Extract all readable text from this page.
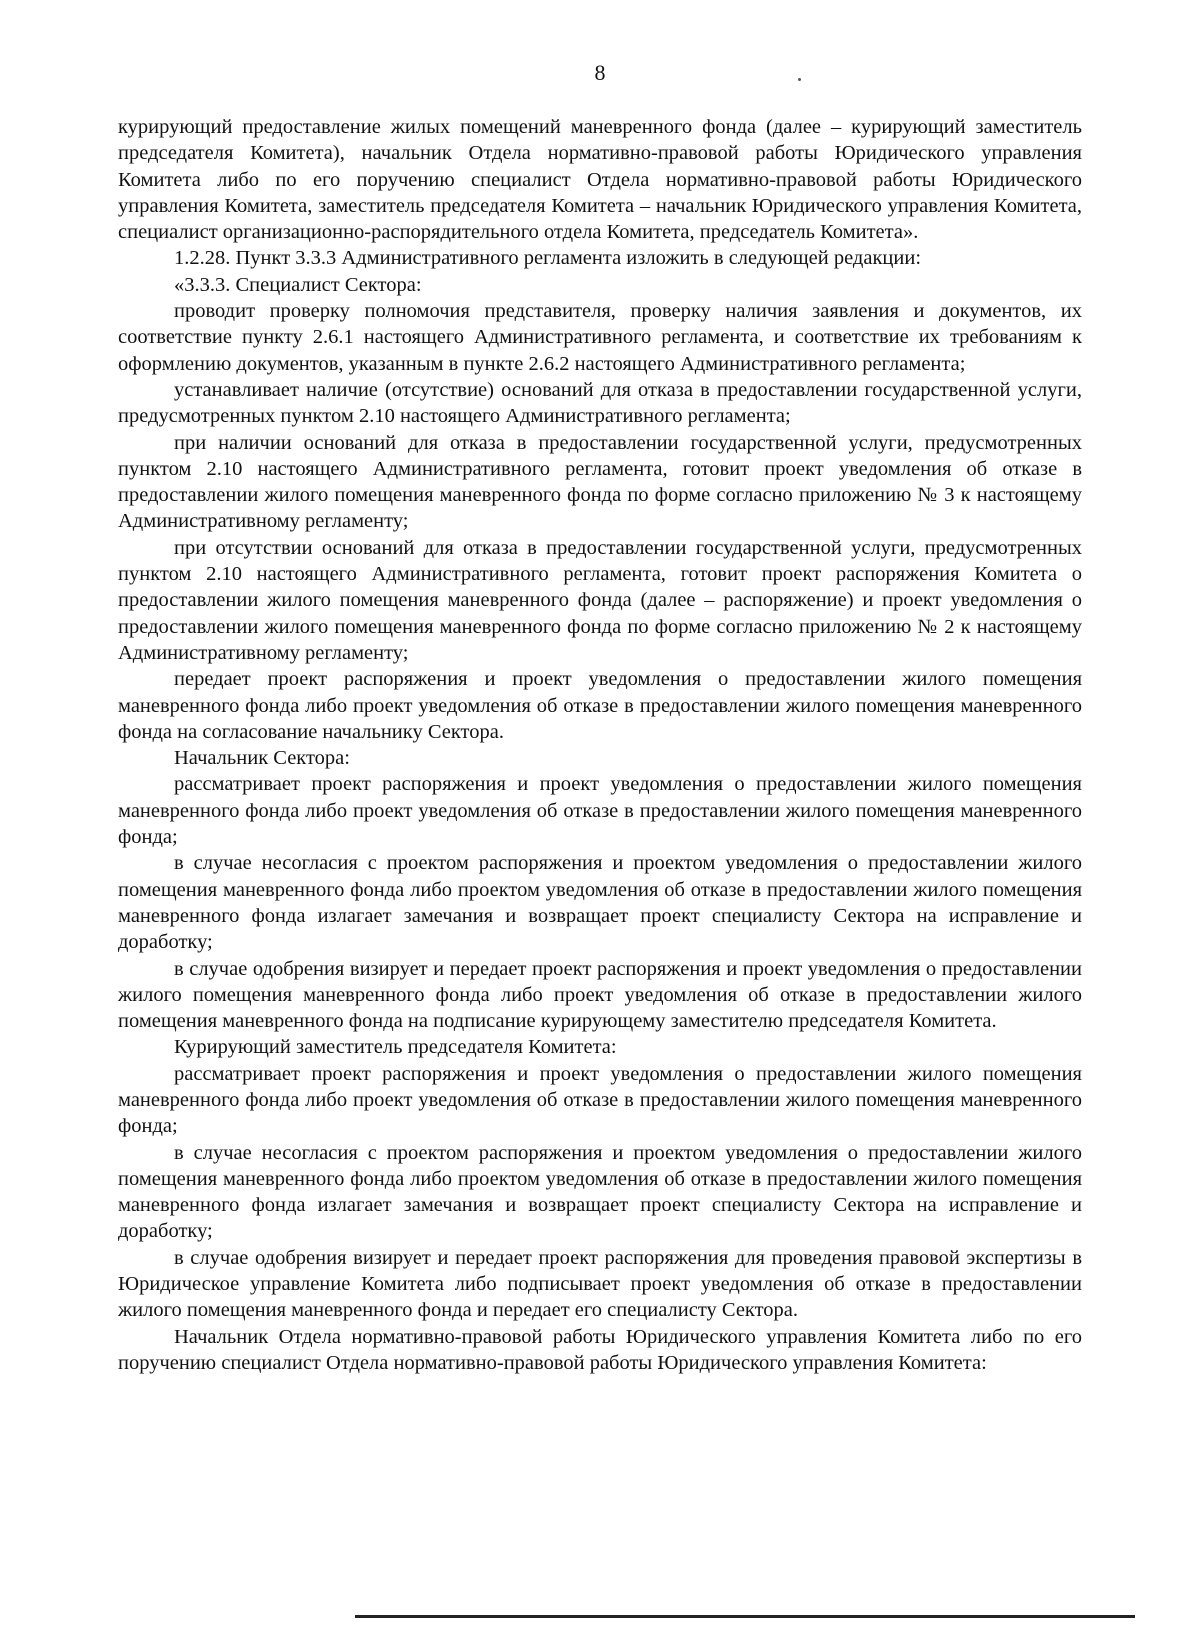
8

курирующий предоставление жилых помещений маневренного фонда (далее – курирующий заместитель председателя Комитета), начальник Отдела нормативно-правовой работы Юридического управления Комитета либо по его поручению специалист Отдела нормативно-правовой работы Юридического управления Комитета, заместитель председателя Комитета – начальник Юридического управления Комитета, специалист организационно-распорядительного отдела Комитета, председатель Комитета».

1.2.28. Пункт 3.3.3 Административного регламента изложить в следующей редакции:

«3.3.3. Специалист Сектора:

проводит проверку полномочия представителя, проверку наличия заявления и документов, их соответствие пункту 2.6.1 настоящего Административного регламента, и соответствие их требованиям к оформлению документов, указанным в пункте 2.6.2 настоящего Административного регламента;

устанавливает наличие (отсутствие) оснований для отказа в предоставлении государственной услуги, предусмотренных пунктом 2.10 настоящего Административного регламента;

при наличии оснований для отказа в предоставлении государственной услуги, предусмотренных пунктом 2.10 настоящего Административного регламента, готовит проект уведомления об отказе в предоставлении жилого помещения маневренного фонда по форме согласно приложению № 3 к настоящему Административному регламенту;

при отсутствии оснований для отказа в предоставлении государственной услуги, предусмотренных пунктом 2.10 настоящего Административного регламента, готовит проект распоряжения Комитета о предоставлении жилого помещения маневренного фонда (далее – распоряжение) и проект уведомления о предоставлении жилого помещения маневренного фонда по форме согласно приложению № 2 к настоящему Административному регламенту;

передает проект распоряжения и проект уведомления о предоставлении жилого помещения маневренного фонда либо проект уведомления об отказе в предоставлении жилого помещения маневренного фонда на согласование начальнику Сектора.

Начальник Сектора:

рассматривает проект распоряжения и проект уведомления о предоставлении жилого помещения маневренного фонда либо проект уведомления об отказе в предоставлении жилого помещения маневренного фонда;

в случае несогласия с проектом распоряжения и проектом уведомления о предоставлении жилого помещения маневренного фонда либо проектом уведомления об отказе в предоставлении жилого помещения маневренного фонда излагает замечания и возвращает проект специалисту Сектора на исправление и доработку;

в случае одобрения визирует и передает проект распоряжения и проект уведомления о предоставлении жилого помещения маневренного фонда либо проект уведомления об отказе в предоставлении жилого помещения маневренного фонда на подписание курирующему заместителю председателя Комитета.

Курирующий заместитель председателя Комитета:

рассматривает проект распоряжения и проект уведомления о предоставлении жилого помещения маневренного фонда либо проект уведомления об отказе в предоставлении жилого помещения маневренного фонда;

в случае несогласия с проектом распоряжения и проектом уведомления о предоставлении жилого помещения маневренного фонда либо проектом уведомления об отказе в предоставлении жилого помещения маневренного фонда излагает замечания и возвращает проект специалисту Сектора на исправление и доработку;

в случае одобрения визирует и передает проект распоряжения для проведения правовой экспертизы в Юридическое управление Комитета либо подписывает проект уведомления об отказе в предоставлении жилого помещения маневренного фонда и передает его специалисту Сектора.

Начальник Отдела нормативно-правовой работы Юридического управления Комитета либо по его поручению специалист Отдела нормативно-правовой работы Юридического управления Комитета:
